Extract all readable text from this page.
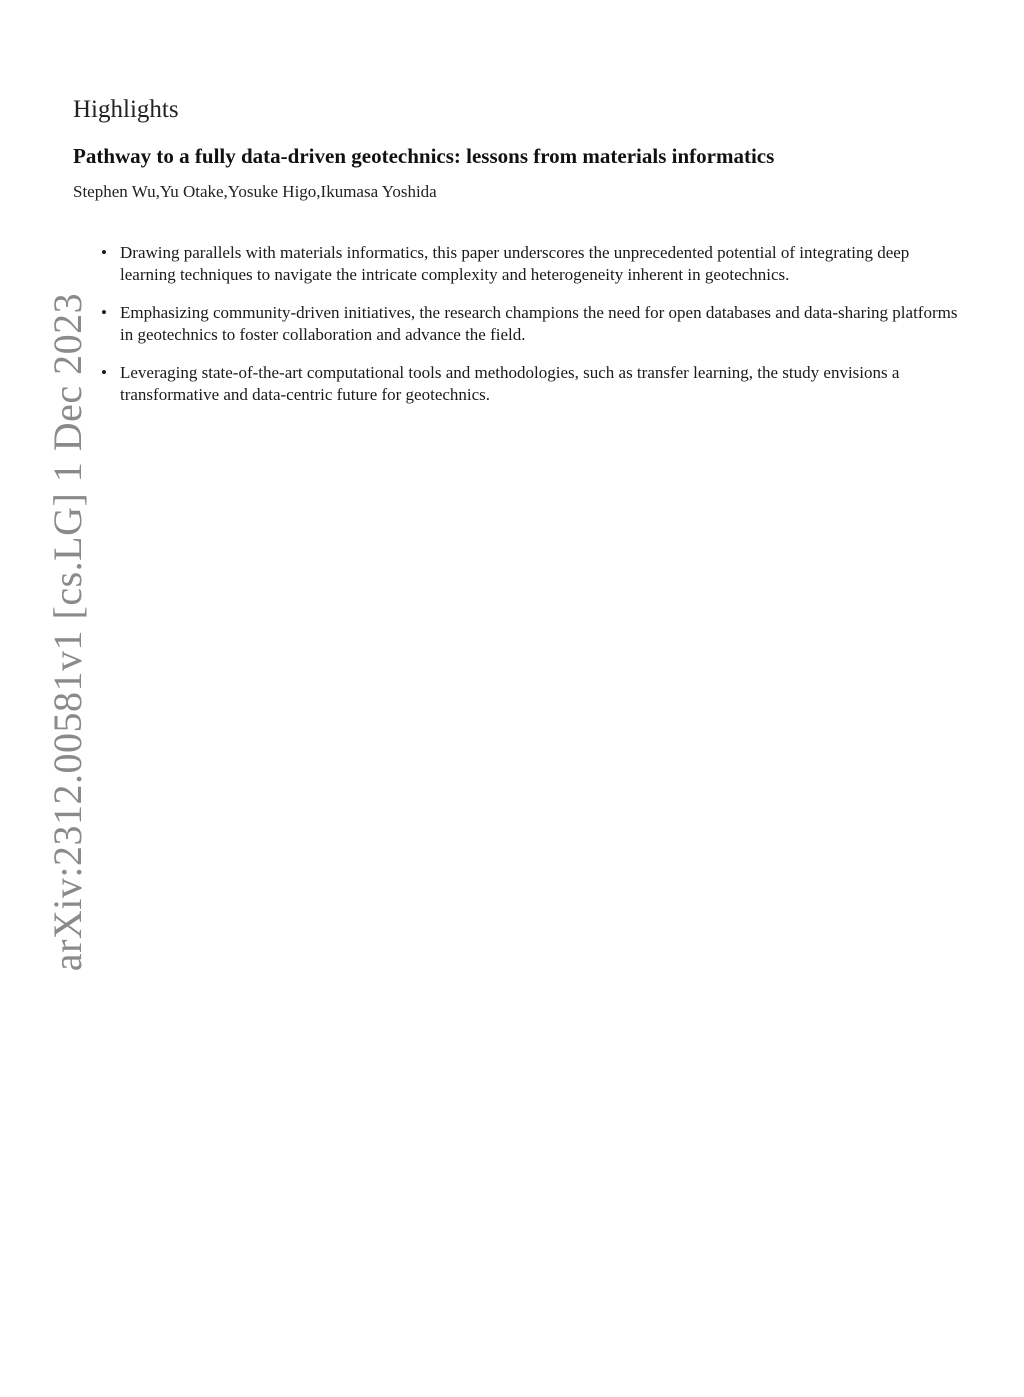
arXiv:2312.00581v1 [cs.LG] 1 Dec 2023
Highlights
Pathway to a fully data-driven geotechnics: lessons from materials informatics
Stephen Wu,Yu Otake,Yosuke Higo,Ikumasa Yoshida
• Drawing parallels with materials informatics, this paper underscores the unprecedented potential of integrating deep learning techniques to navigate the intricate complexity and heterogeneity inherent in geotechnics.
• Emphasizing community-driven initiatives, the research champions the need for open databases and data-sharing platforms in geotechnics to foster collaboration and advance the field.
• Leveraging state-of-the-art computational tools and methodologies, such as transfer learning, the study envisions a transformative and data-centric future for geotechnics.
